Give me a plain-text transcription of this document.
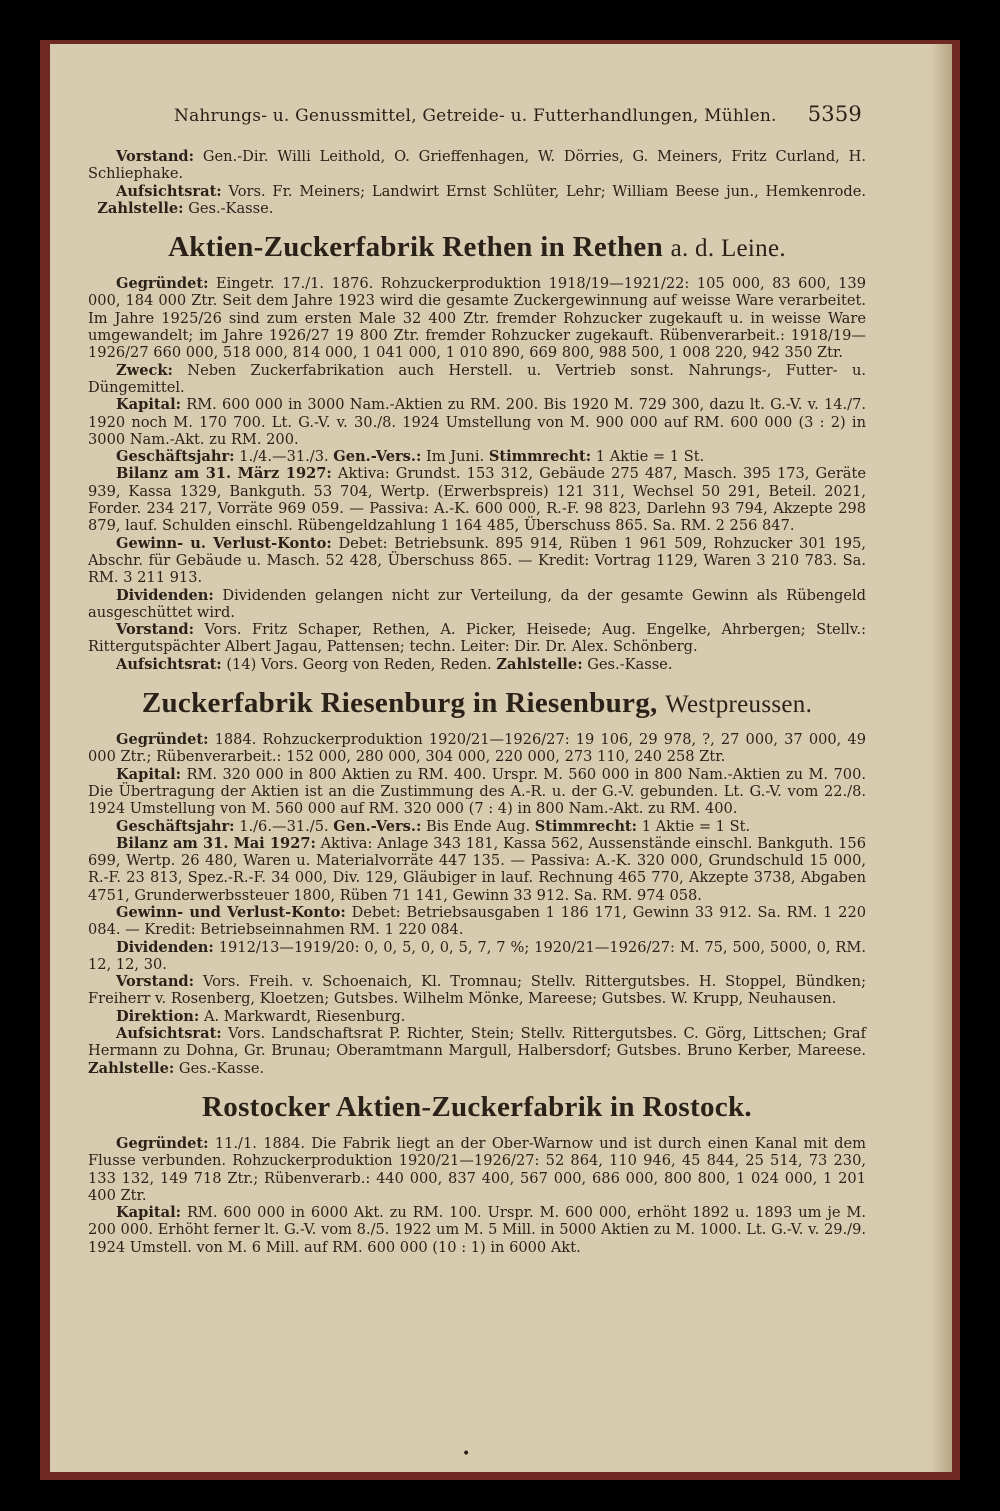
Nahrungs- u. Genussmittel, Getreide- u. Futterhandlungen, Mühlen. 5359

Vorstand: Gen.-Dir. Willi Leithold, O. Grieffenhagen, W. Dörries, G. Meiners, Fritz Curland, H. Schliephake.

Aufsichtsrat: Vors. Fr. Meiners; Landwirt Ernst Schlüter, Lehr; William Beese jun., Hemkenrode.   Zahlstelle: Ges.-Kasse.

Aktien-Zuckerfabrik Rethen in Rethen a. d. Leine.

Gegründet: Eingetr. 17./1. 1876. Rohzuckerproduktion 1918/19—1921/22: 105 000, 83 600, 139 000, 184 000 Ztr. Seit dem Jahre 1923 wird die gesamte Zuckergewinnung auf weisse Ware verarbeitet. Im Jahre 1925/26 sind zum ersten Male 32 400 Ztr. fremder Rohzucker zugekauft u. in weisse Ware umgewandelt; im Jahre 1926/27 19 800 Ztr. fremder Rohzucker zugekauft. Rübenverarbeit.: 1918/19—1926/27 660 000, 518 000, 814 000, 1 041 000, 1 010 890, 669 800, 988 500, 1 008 220, 942 350 Ztr.

Zweck: Neben Zuckerfabrikation auch Herstell. u. Vertrieb sonst. Nahrungs-, Futter- u. Düngemittel.

Kapital: RM. 600 000 in 3000 Nam.-Aktien zu RM. 200. Bis 1920 M. 729 300, dazu lt. G.-V. v. 14./7. 1920 noch M. 170 700. Lt. G.-V. v. 30./8. 1924 Umstellung von M. 900 000 auf RM. 600 000 (3 : 2) in 3000 Nam.-Akt. zu RM. 200.

Geschäftsjahr: 1./4.—31./3. Gen.-Vers.: Im Juni. Stimmrecht: 1 Aktie = 1 St.

Bilanz am 31. März 1927: Aktiva: Grundst. 153 312, Gebäude 275 487, Masch. 395 173, Geräte 939, Kassa 1329, Bankguth. 53 704, Wertp. (Erwerbspreis) 121 311, Wechsel 50 291, Beteil. 2021, Forder. 234 217, Vorräte 969 059. — Passiva: A.-K. 600 000, R.-F. 98 823, Darlehn 93 794, Akzepte 298 879, lauf. Schulden einschl. Rübengeldzahlung 1 164 485, Überschuss 865. Sa. RM. 2 256 847.

Gewinn- u. Verlust-Konto: Debet: Betriebsunk. 895 914, Rüben 1 961 509, Rohzucker 301 195, Abschr. für Gebäude u. Masch. 52 428, Überschuss 865. — Kredit: Vortrag 1129, Waren 3 210 783. Sa. RM. 3 211 913.

Dividenden: Dividenden gelangen nicht zur Verteilung, da der gesamte Gewinn als Rübengeld ausgeschüttet wird.

Vorstand: Vors. Fritz Schaper, Rethen, A. Picker, Heisede; Aug. Engelke, Ahrbergen; Stellv.: Rittergutspächter Albert Jagau, Pattensen; techn. Leiter: Dir. Dr. Alex. Schönberg.

Aufsichtsrat: (14) Vors. Georg von Reden, Reden. Zahlstelle: Ges.-Kasse.

Zuckerfabrik Riesenburg in Riesenburg, Westpreussen.

Gegründet: 1884. Rohzuckerproduktion 1920/21—1926/27: 19 106, 29 978, ?, 27 000, 37 000, 49 000 Ztr.; Rübenverarbeit.: 152 000, 280 000, 304 000, 220 000, 273 110, 240 258 Ztr.

Kapital: RM. 320 000 in 800 Aktien zu RM. 400. Urspr. M. 560 000 in 800 Nam.-Aktien zu M. 700. Die Übertragung der Aktien ist an die Zustimmung des A.-R. u. der G.-V. gebunden. Lt. G.-V. vom 22./8. 1924 Umstellung von M. 560 000 auf RM. 320 000 (7 : 4) in 800 Nam.-Akt. zu RM. 400.

Geschäftsjahr: 1./6.—31./5. Gen.-Vers.: Bis Ende Aug. Stimmrecht: 1 Aktie = 1 St.

Bilanz am 31. Mai 1927: Aktiva: Anlage 343 181, Kassa 562, Aussenstände einschl. Bankguth. 156 699, Wertp. 26 480, Waren u. Materialvorräte 447 135. — Passiva: A.-K. 320 000, Grundschuld 15 000, R.-F. 23 813, Spez.-R.-F. 34 000, Div. 129, Gläubiger in lauf. Rechnung 465 770, Akzepte 3738, Abgaben 4751, Grunderwerbssteuer 1800, Rüben 71 141, Gewinn 33 912. Sa. RM. 974 058.

Gewinn- und Verlust-Konto: Debet: Betriebsausgaben 1 186 171, Gewinn 33 912. Sa. RM. 1 220 084. — Kredit: Betriebseinnahmen RM. 1 220 084.

Dividenden: 1912/13—1919/20: 0, 0, 5, 0, 0, 5, 7, 7 %; 1920/21—1926/27: M. 75, 500, 5000, 0, RM. 12, 12, 30.

Vorstand: Vors. Freih. v. Schoenaich, Kl. Tromnau; Stellv. Rittergutsbes. H. Stoppel, Bündken; Freiherr v. Rosenberg, Kloetzen; Gutsbes. Wilhelm Mönke, Mareese; Gutsbes. W. Krupp, Neuhausen.

Direktion: A. Markwardt, Riesenburg.

Aufsichtsrat: Vors. Landschaftsrat P. Richter, Stein; Stellv. Rittergutsbes. C. Görg, Littschen; Graf Hermann zu Dohna, Gr. Brunau; Oberamtmann Margull, Halbersdorf; Gutsbes. Bruno Kerber, Mareese. Zahlstelle: Ges.-Kasse.

Rostocker Aktien-Zuckerfabrik in Rostock.

Gegründet: 11./1. 1884. Die Fabrik liegt an der Ober-Warnow und ist durch einen Kanal mit dem Flusse verbunden. Rohzuckerproduktion 1920/21—1926/27: 52 864, 110 946, 45 844, 25 514, 73 230, 133 132, 149 718 Ztr.; Rübenverarb.: 440 000, 837 400, 567 000, 686 000, 800 800, 1 024 000, 1 201 400 Ztr.

Kapital: RM. 600 000 in 6000 Akt. zu RM. 100. Urspr. M. 600 000, erhöht 1892 u. 1893 um je M. 200 000. Erhöht ferner lt. G.-V. vom 8./5. 1922 um M. 5 Mill. in 5000 Aktien zu M. 1000. Lt. G.-V. v. 29./9. 1924 Umstell. von M. 6 Mill. auf RM. 600 000 (10 : 1) in 6000 Akt.

•
